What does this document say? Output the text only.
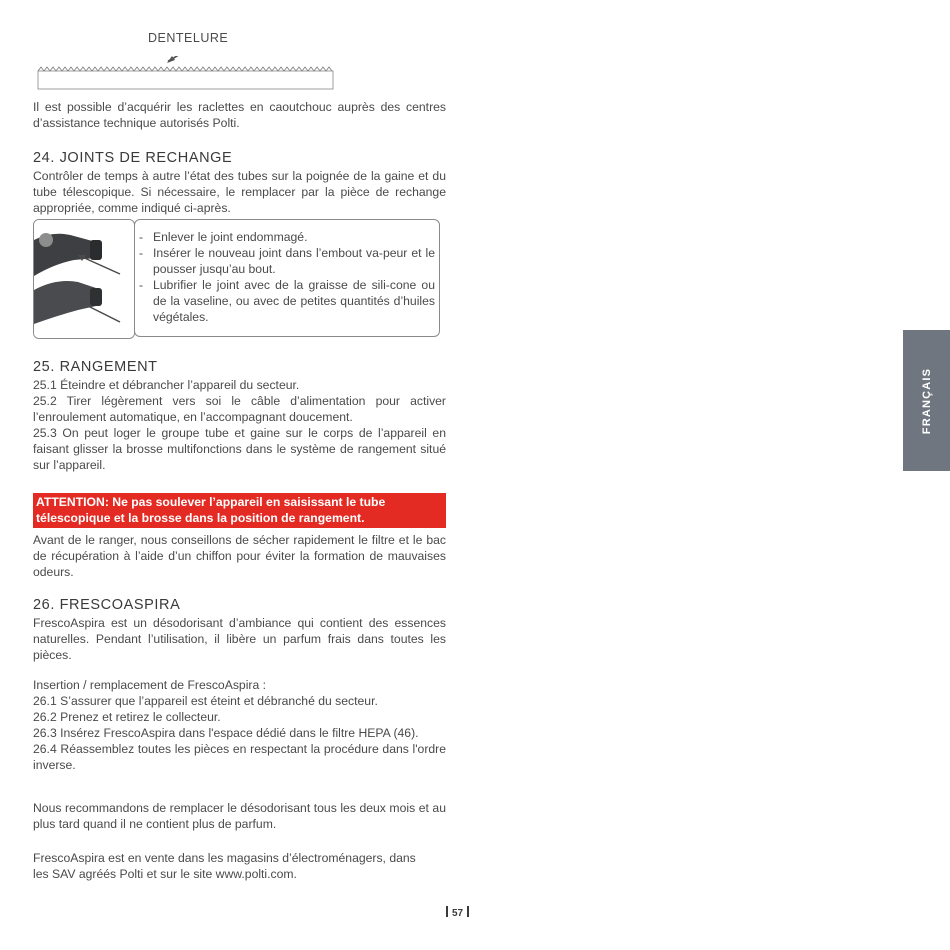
DENTELURE

Il est possible d’acquérir les raclettes en caoutchouc auprès des centres d’assistance technique autorisés Polti.

24. JOINTS DE RECHANGE

Contrôler de temps à autre l’état des tubes sur la poignée de la gaine et du tube télescopique. Si nécessaire, le remplacer par la pièce de rechange appropriée, comme indiqué ci-après.

- Enlever le joint endommagé.
- Insérer le nouveau joint dans l’embout va-peur et le pousser jusqu’au bout.
- Lubrifier le joint avec de la graisse de sili-cone ou de la vaseline, ou avec de petites quantités d’huiles végétales.
25. RANGEMENT

25.1 Éteindre et débrancher l’appareil du secteur.

25.2 Tirer légèrement vers soi le câble d’alimentation pour activer l’enroulement automatique, en l’accompagnant doucement.

25.3 On peut loger le groupe tube et gaine sur le corps de l’appareil en faisant glisser la brosse multifonctions dans le système de rangement situé sur l’appareil.

ATTENTION: Ne pas soulever l’appareil en saisissant le tube télescopique et la brosse dans la position de rangement.

Avant de le ranger, nous conseillons de sécher rapidement le filtre et le bac de récupération à l’aide d’un chiffon pour éviter la formation de mauvaises odeurs.

26. FRESCOASPIRA

FrescoAspira est un désodorisant d’ambiance qui contient des essences naturelles. Pendant l’utilisation, il libère un parfum frais dans toutes les pièces.

Insertion / remplacement de FrescoAspira :

26.1 S’assurer que l’appareil est éteint et débranché du secteur.

26.2 Prenez et retirez le collecteur.

26.3 Insérez FrescoAspira dans l'espace dédié dans le filtre HEPA (46).

26.4 Réassemblez toutes les pièces en respectant la procédure dans l'ordre inverse.

Nous recommandons de remplacer le désodorisant tous les deux mois et au plus tard quand il ne contient plus de parfum.

FrescoAspira est en vente dans les magasins d’électroménagers, dans les SAV agréés Polti et sur le site www.polti.com.

FRANÇAIS
57
